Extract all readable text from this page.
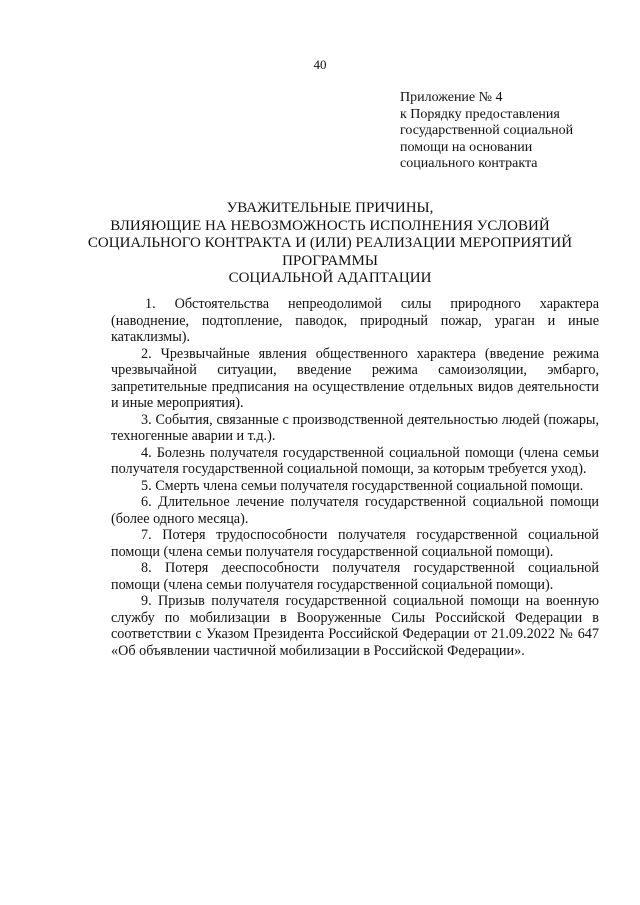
40
Приложение № 4
к Порядку предоставления
государственной социальной
помощи на основании
социального контракта
УВАЖИТЕЛЬНЫЕ ПРИЧИНЫ,
ВЛИЯЮЩИЕ НА НЕВОЗМОЖНОСТЬ ИСПОЛНЕНИЯ УСЛОВИЙ
СОЦИАЛЬНОГО КОНТРАКТА И (ИЛИ) РЕАЛИЗАЦИИ МЕРОПРИЯТИЙ
ПРОГРАММЫ
СОЦИАЛЬНОЙ АДАПТАЦИИ

1. Обстоятельства непреодолимой силы природного характера (наводнение, подтопление, паводок, природный пожар, ураган и иные катаклизмы).

2. Чрезвычайные явления общественного характера (введение режима чрезвычайной ситуации, введение режима самоизоляции, эмбарго, запретительные предписания на осуществление отдельных видов деятельности и иные мероприятия).

3. События, связанные с производственной деятельностью людей (пожары, техногенные аварии и т.д.).

4. Болезнь получателя государственной социальной помощи (члена семьи получателя государственной социальной помощи, за которым требуется уход).

5. Смерть члена семьи получателя государственной социальной помощи.

6. Длительное лечение получателя государственной социальной помощи (более одного месяца).

7. Потеря трудоспособности получателя государственной социальной помощи (члена семьи получателя государственной социальной помощи).

8. Потеря дееспособности получателя государственной социальной помощи (члена семьи получателя государственной социальной помощи).

9. Призыв получателя государственной социальной помощи на военную службу по мобилизации в Вооруженные Силы Российской Федерации в соответствии с Указом Президента Российской Федерации от 21.09.2022 № 647 «Об объявлении частичной мобилизации в Российской Федерации».
